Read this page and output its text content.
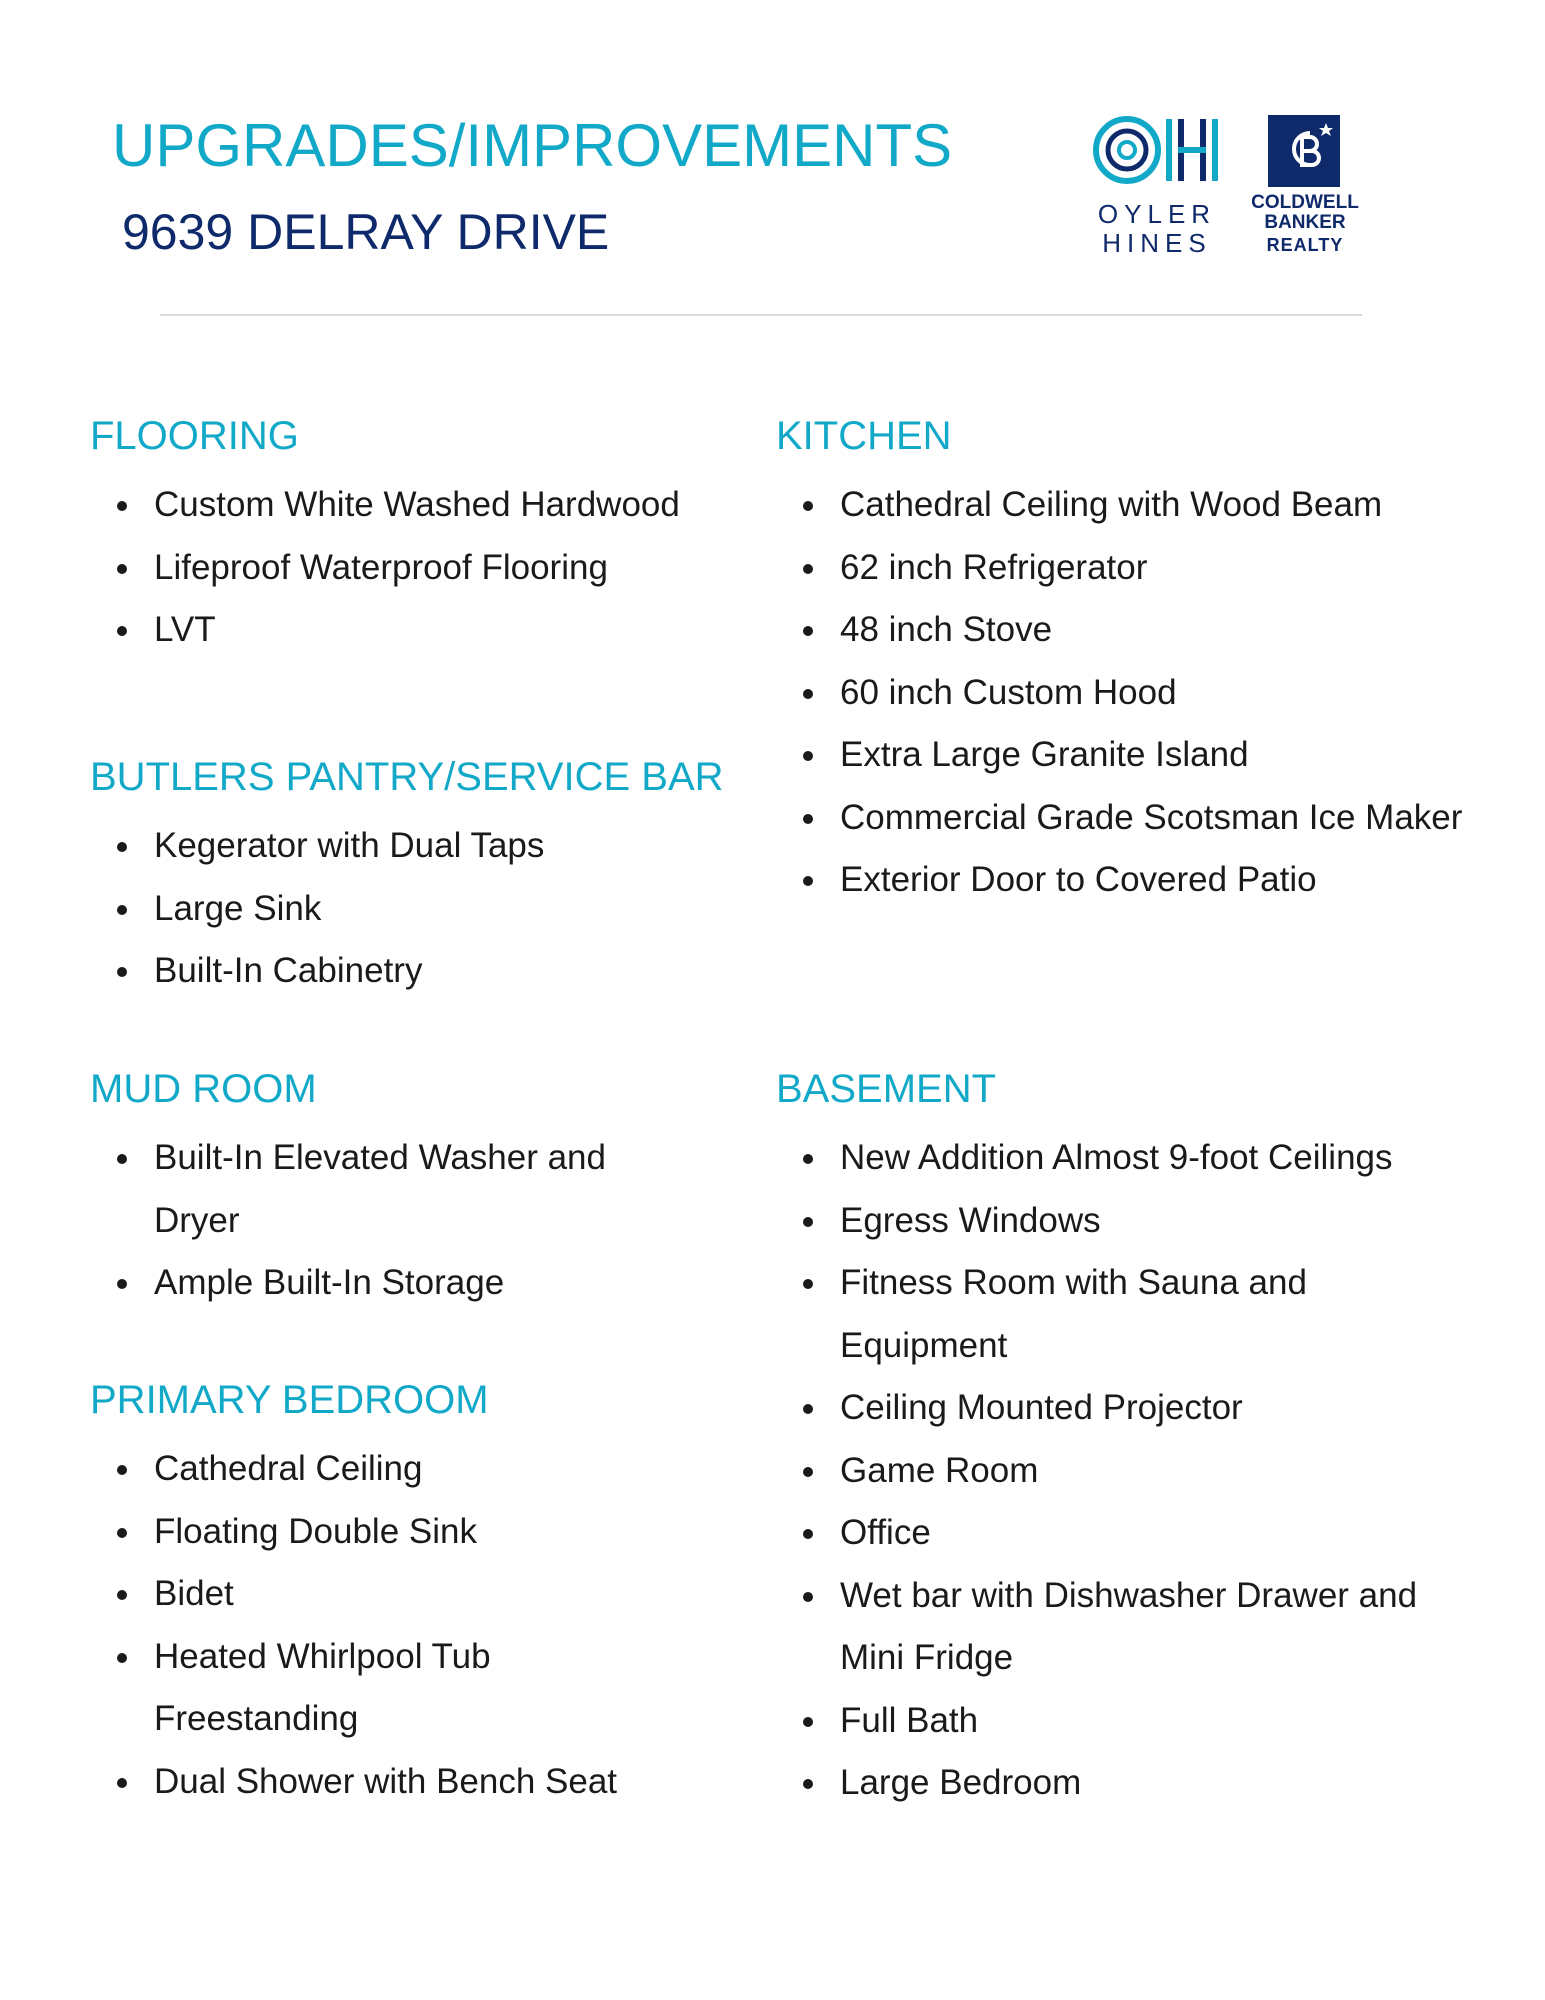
UPGRADES/IMPROVEMENTS
9639 DELRAY DRIVE	OYLER
HINES
COLDWELL
BANKER
REALTY
FLOORING
Custom White Washed Hardwood
Lifeproof Waterproof Flooring
LVT
BUTLERS PANTRY/SERVICE BAR
Kegerator with Dual Taps
Large Sink
Built-In Cabinetry
MUD ROOM
Built-In Elevated Washer and Dryer
Ample Built-In Storage
PRIMARY BEDROOM
Cathedral Ceiling
Floating Double Sink
Bidet
Heated Whirlpool Tub Freestanding
Dual Shower with Bench Seat
KITCHEN
Cathedral Ceiling with Wood Beam
62 inch Refrigerator
48 inch Stove
60 inch Custom Hood
Extra Large Granite Island
Commercial Grade Scotsman Ice Maker
Exterior Door to Covered Patio
BASEMENT
New Addition Almost 9-foot Ceilings
Egress Windows
Fitness Room with Sauna and Equipment
Ceiling Mounted Projector
Game Room
Office
Wet bar with Dishwasher Drawer and Mini Fridge
Full Bath
Large Bedroom
